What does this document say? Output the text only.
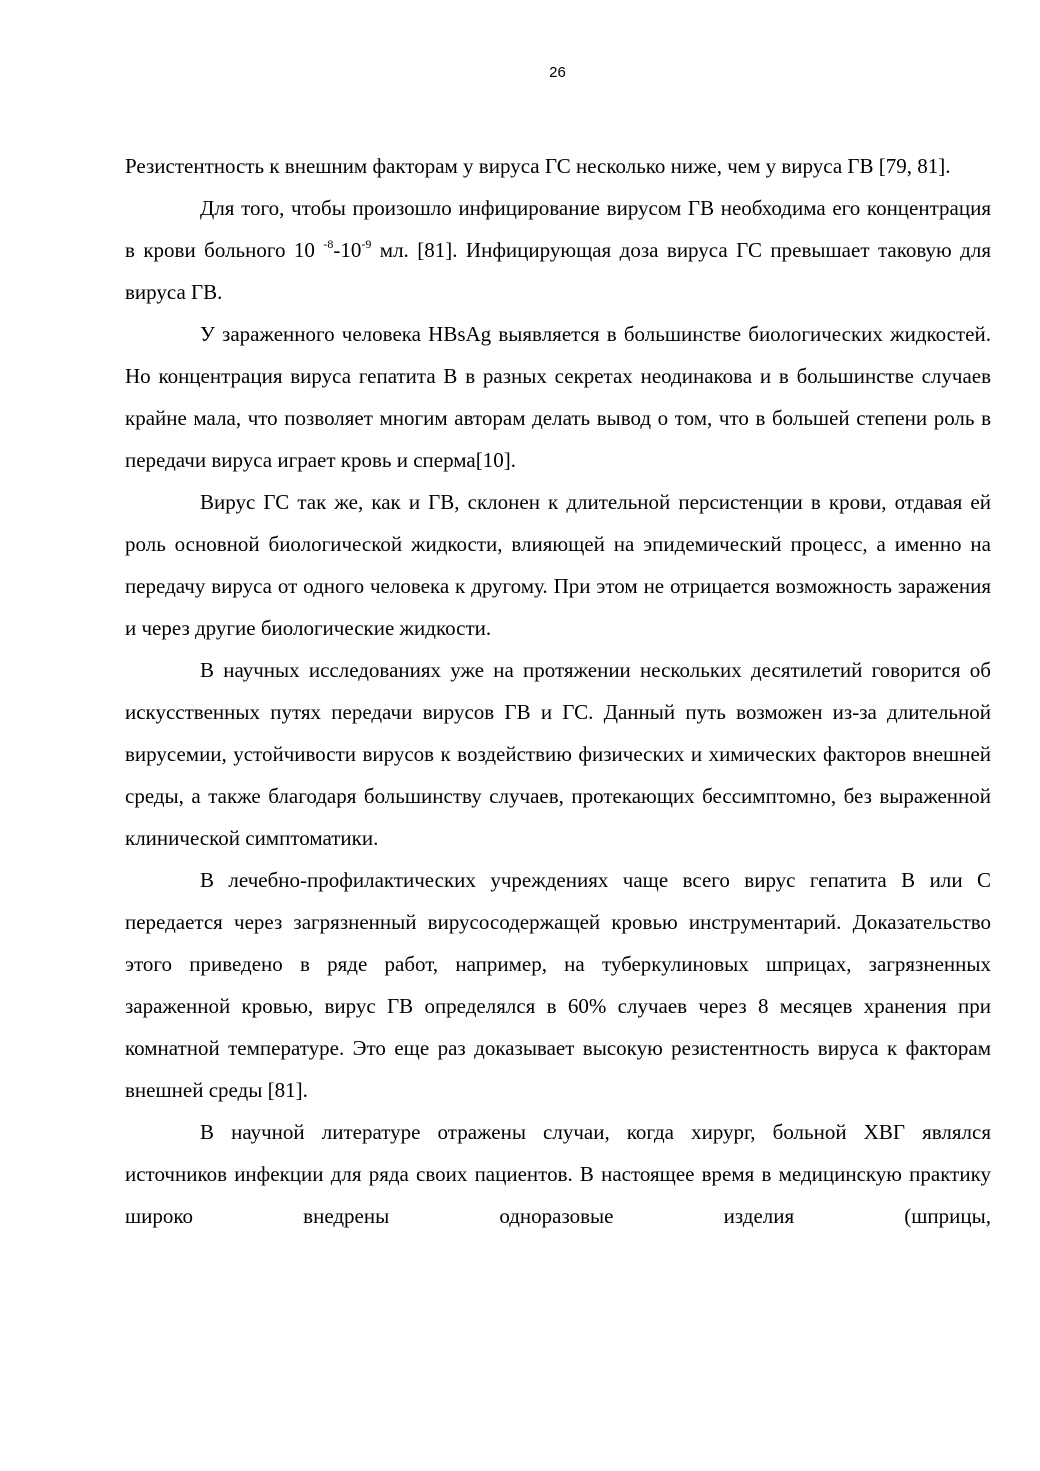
26

Резистентность к внешним факторам у вируса ГС несколько ниже, чем у вируса ГВ [79, 81].

Для того, чтобы произошло инфицирование вирусом ГВ необходима его концентрация в крови больного 10 $^{-8}-10^{-9}$ мл. [81]. Инфицирующая доза вируса ГС превышает таковую для вируса ГВ.

У зараженного человека HBsAg выявляется в большинстве биологических жидкостей. Но концентрация вируса гепатита В в разных секретах неодинакова и в большинстве случаев крайне мала, что позволяет многим авторам делать вывод о том, что в большей степени роль в передачи вируса играет кровь и сперма[10].

Вирус ГС так же, как и ГВ, склонен к длительной персистенции в крови, отдавая ей роль основной биологической жидкости, влияющей на эпидемический процесс, а именно на передачу вируса от одного человека к другому. При этом не отрицается возможность заражения и через другие биологические жидкости.

В научных исследованиях уже на протяжении нескольких десятилетий говорится об искусственных путях передачи вирусов ГВ и ГС. Данный путь возможен из-за длительной вирусемии, устойчивости вирусов к воздействию физических и химических факторов внешней среды, а также благодаря большинству случаев, протекающих бессимптомно, без выраженной клинической симптоматики.

В лечебно-профилактических учреждениях чаще всего вирус гепатита В или С передается через загрязненный вирусосодержащей кровью инструментарий. Доказательство этого приведено в ряде работ, например, на туберкулиновых шприцах, загрязненных зараженной кровью, вирус ГВ определялся в 60% случаев через 8 месяцев хранения при комнатной температуре. Это еще раз доказывает высокую резистентность вируса к факторам внешней среды [81].

В научной литературе отражены случаи, когда хирург, больной ХВГ являлся источников инфекции для ряда своих пациентов. В настоящее время в медицинскую практику широко внедрены одноразовые изделия (шприцы,
